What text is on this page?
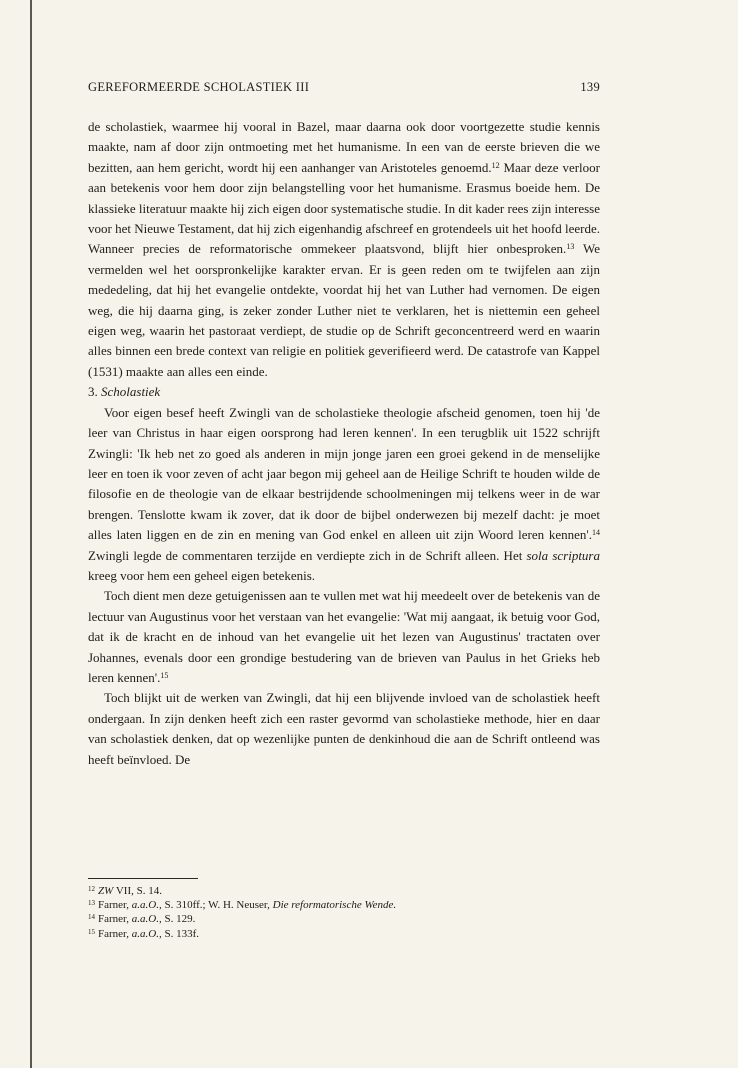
GEREFORMEERDE SCHOLASTIEK III	139

de scholastiek, waarmee hij vooral in Bazel, maar daarna ook door voortgezette studie kennis maakte, nam af door zijn ontmoeting met het humanisme. In een van de eerste brieven die we bezitten, aan hem gericht, wordt hij een aanhanger van Aristoteles genoemd.$^{12}$ Maar deze verloor aan betekenis voor hem door zijn belangstelling voor het humanisme. Erasmus boeide hem. De klassieke literatuur maakte hij zich eigen door systematische studie. In dit kader rees zijn interesse voor het Nieuwe Testament, dat hij zich eigenhandig afschreef en grotendeels uit het hoofd leerde. Wanneer precies de reformatorische ommekeer plaatsvond, blijft hier onbesproken.$^{13}$ We vermelden wel het oorspronkelijke karakter ervan. Er is geen reden om te twijfelen aan zijn mededeling, dat hij het evangelie ontdekte, voordat hij het van Luther had vernomen. De eigen weg, die hij daarna ging, is zeker zonder Luther niet te verklaren, het is niettemin een geheel eigen weg, waarin het pastoraat verdiept, de studie op de Schrift geconcentreerd werd en waarin alles binnen een brede context van religie en politiek geverifieerd werd. De catastrofe van Kappel (1531) maakte aan alles een einde.

3. Scholastiek

Voor eigen besef heeft Zwingli van de scholastieke theologie afscheid genomen, toen hij 'de leer van Christus in haar eigen oorsprong had leren kennen'. In een terugblik uit 1522 schrijft Zwingli: 'Ik heb net zo goed als anderen in mijn jonge jaren een groei gekend in de menselijke leer en toen ik voor zeven of acht jaar begon mij geheel aan de Heilige Schrift te houden wilde de filosofie en de theologie van de elkaar bestrijdende schoolmeningen mij telkens weer in de war brengen. Tenslotte kwam ik zover, dat ik door de bijbel onderwezen bij mezelf dacht: je moet alles laten liggen en de zin en mening van God enkel en alleen uit zijn Woord leren kennen'.$^{14}$ Zwingli legde de commentaren terzijde en verdiepte zich in de Schrift alleen. Het sola scriptura kreeg voor hem een geheel eigen betekenis.

Toch dient men deze getuigenissen aan te vullen met wat hij meedeelt over de betekenis van de lectuur van Augustinus voor het verstaan van het evangelie: 'Wat mij aangaat, ik betuig voor God, dat ik de kracht en de inhoud van het evangelie uit het lezen van Augustinus' tractaten over Johannes, evenals door een grondige bestudering van de brieven van Paulus in het Grieks heb leren kennen'.$^{15}$

Toch blijkt uit de werken van Zwingli, dat hij een blijvende invloed van de scholastiek heeft ondergaan. In zijn denken heeft zich een raster gevormd van scholastieke methode, hier en daar van scholastiek denken, dat op wezenlijke punten de denkinhoud die aan de Schrift ontleend was heeft beïnvloed. De

$^{12}$ ZW VII, S. 14.
$^{13}$ Farner, a.a.O., S. 310ff.; W. H. Neuser, Die reformatorische Wende.
$^{14}$ Farner, a.a.O., S. 129.
$^{15}$ Farner, a.a.O., S. 133f.
